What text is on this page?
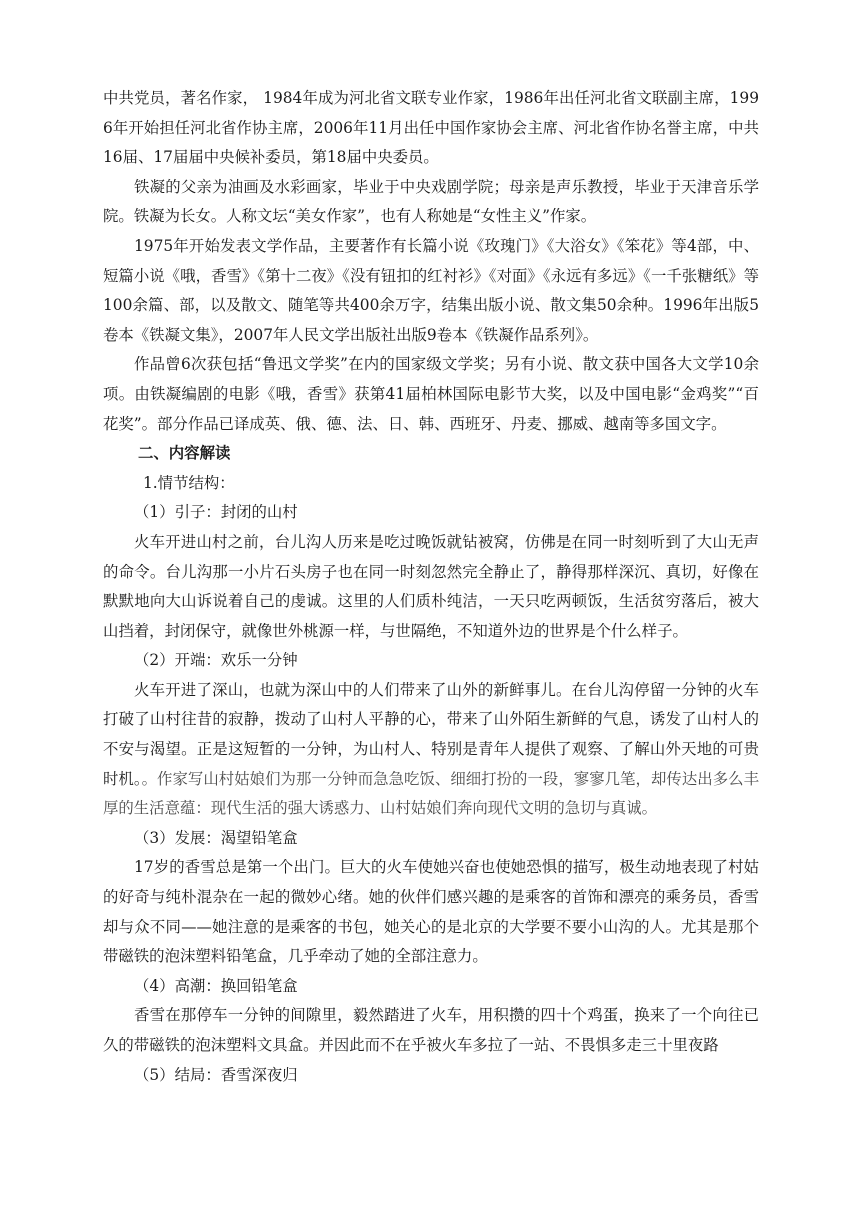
中共党员，著名作家， 1984年成为河北省文联专业作家，1986年出任河北省文联副主席，1996年开始担任河北省作协主席，2006年11月出任中国作家协会主席、河北省作协名誉主席，中共16届、17届届中央候补委员，第18届中央委员。

铁凝的父亲为油画及水彩画家，毕业于中央戏剧学院；母亲是声乐教授，毕业于天津音乐学院。铁凝为长女。人称文坛“美女作家”，也有人称她是“女性主义”作家。

1975年开始发表文学作品，主要著作有长篇小说《玫瑰门》《大浴女》《笨花》等4部，中、短篇小说《哦，香雪》《第十二夜》《没有钮扣的红衬衫》《对面》《永远有多远》《一千张糖纸》等100余篇、部，以及散文、随笔等共400余万字，结集出版小说、散文集50余种。1996年出版5卷本《铁凝文集》，2007年人民文学出版社出版9卷本《铁凝作品系列》。

作品曾6次获包括“鲁迅文学奖”在内的国家级文学奖；另有小说、散文获中国各大文学10余项。由铁凝编剧的电影《哦，香雪》获第41届柏林国际电影节大奖，以及中国电影“金鸡奖”“百花奖”。部分作品已译成英、俄、德、法、日、韩、西班牙、丹麦、挪威、越南等多国文字。

二、内容解读

1.情节结构：

（1）引子：封闭的山村

火车开进山村之前，台儿沟人历来是吃过晚饭就钻被窝，仿佛是在同一时刻听到了大山无声的命令。台儿沟那一小片石头房子也在同一时刻忽然完全静止了，静得那样深沉、真切，好像在默默地向大山诉说着自己的虔诚。这里的人们质朴纯洁，一天只吃两顿饭，生活贫穷落后，被大山挡着，封闭保守，就像世外桃源一样，与世隔绝，不知道外边的世界是个什么样子。

（2）开端：欢乐一分钟

火车开进了深山，也就为深山中的人们带来了山外的新鲜事儿。在台儿沟停留一分钟的火车打破了山村往昔的寂静，拨动了山村人平静的心，带来了山外陌生新鲜的气息，诱发了山村人的不安与渴望。正是这短暂的一分钟，为山村人、特别是青年人提供了观察、了解山外天地的可贵时机。。作家写山村姑娘们为那一分钟而急急吃饭、细细打扮的一段，寥寥几笔，却传达出多么丰厚的生活意蕴：现代生活的强大诱惑力、山村姑娘们奔向现代文明的急切与真诚。

（3）发展：渴望铅笔盒

17岁的香雪总是第一个出门。巨大的火车使她兴奋也使她恐惧的描写，极生动地表现了村姑的好奇与纯朴混杂在一起的微妙心绪。她的伙伴们感兴趣的是乘客的首饰和漂亮的乘务员，香雪却与众不同——她注意的是乘客的书包，她关心的是北京的大学要不要小山沟的人。尤其是那个带磁铁的泡沫塑料铅笔盒，几乎牵动了她的全部注意力。

（4）高潮：换回铅笔盒

香雪在那停车一分钟的间隙里，毅然踏进了火车，用积攒的四十个鸡蛋，换来了一个向往已久的带磁铁的泡沫塑料文具盒。并因此而不在乎被火车多拉了一站、不畏惧多走三十里夜路

（5）结局：香雪深夜归
